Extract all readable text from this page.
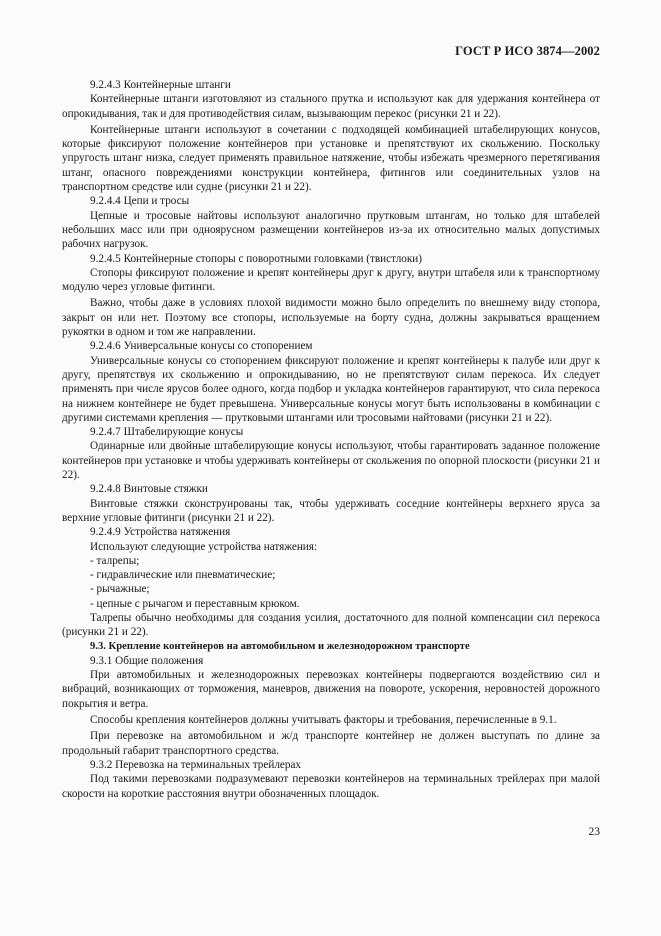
ГОСТ Р ИСО 3874—2002

9.2.4.3 Контейнерные штанги

Контейнерные штанги изготовляют из стального прутка и используют как для удержания контейнера от опрокидывания, так и для противодействия силам, вызывающим перекос (рисунки 21 и 22).

Контейнерные штанги используют в сочетании с подходящей комбинацией штабелирующих конусов, которые фиксируют положение контейнеров при установке и препятствуют их скольжению. Поскольку упругость штанг низка, следует применять правильное натяжение, чтобы избежать чрезмерного перетягивания штанг, опасного повреждениями конструкции контейнера, фитингов или соединительных узлов на транспортном средстве или судне (рисунки 21 и 22).

9.2.4.4 Цепи и тросы

Цепные и тросовые найтовы используют аналогично прутковым штангам, но только для штабелей небольших масс или при одноярусном размещении контейнеров из-за их относительно малых допустимых рабочих нагрузок.

9.2.4.5 Контейнерные стопоры с поворотными головками (твистлоки)

Стопоры фиксируют положение и крепят контейнеры друг к другу, внутри штабеля или к транспортному модулю через угловые фитинги.

Важно, чтобы даже в условиях плохой видимости можно было определить по внешнему виду стопора, закрыт он или нет. Поэтому все стопоры, используемые на борту судна, должны закрываться вращением рукоятки в одном и том же направлении.

9.2.4.6 Универсальные конусы со стопорением

Универсальные конусы со стопорением фиксируют положение и крепят контейнеры к палубе или друг к другу, препятствуя их скольжению и опрокидыванию, но не препятствуют силам перекоса. Их следует применять при числе ярусов более одного, когда подбор и укладка контейнеров гарантируют, что сила перекоса на нижнем контейнере не будет превышена. Универсальные конусы могут быть использованы в комбинации с другими системами крепления — прутковыми штангами или тросовыми найтовами (рисунки 21 и 22).

9.2.4.7 Штабелирующие конусы

Одинарные или двойные штабелирующие конусы используют, чтобы гарантировать заданное положение контейнеров при установке и чтобы удерживать контейнеры от скольжения по опорной плоскости (рисунки 21 и 22).

9.2.4.8 Винтовые стяжки

Винтовые стяжки сконструированы так, чтобы удерживать соседние контейнеры верхнего яруса за верхние угловые фитинги (рисунки 21 и 22).

9.2.4.9 Устройства натяжения

Используют следующие устройства натяжения:

- талрепы;

- гидравлические или пневматические;

- рычажные;

- цепные с рычагом и переставным крюком.

Талрепы обычно необходимы для создания усилия, достаточного для полной компенсации сил перекоса (рисунки 21 и 22).

9.3. Крепление контейнеров на автомобильном и железнодорожном транспорте

9.3.1 Общие положения

При автомобильных и железнодорожных перевозках контейнеры подвергаются воздействию сил и вибраций, возникающих от торможения, маневров, движения на повороте, ускорения, неровностей дорожного покрытия и ветра.

Способы крепления контейнеров должны учитывать факторы и требования, перечисленные в 9.1.

При перевозке на автомобильном и ж/д транспорте контейнер не должен выступать по длине за продольный габарит транспортного средства.

9.3.2 Перевозка на терминальных трейлерах

Под такими перевозками подразумевают перевозки контейнеров на терминальных трейлерах при малой скорости на короткие расстояния внутри обозначенных площадок.

23
